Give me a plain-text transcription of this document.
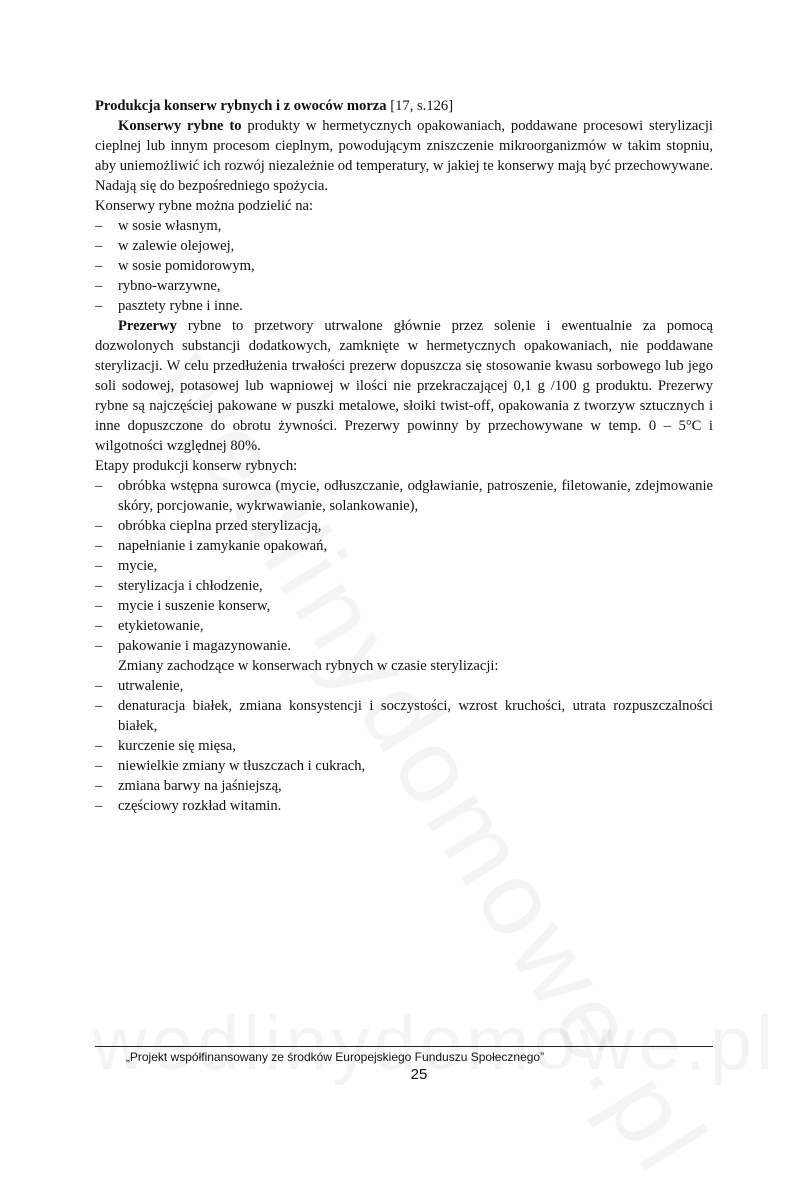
Produkcja konserw rybnych i z owoców morza [17, s.126]

Konserwy rybne to produkty w hermetycznych opakowaniach, poddawane procesowi sterylizacji cieplnej lub innym procesom cieplnym, powodującym zniszczenie mikroorganizmów w takim stopniu, aby uniemożliwić ich rozwój niezależnie od temperatury, w jakiej te konserwy mają być przechowywane. Nadają się do bezpośredniego spożycia.

Konserwy rybne można podzielić na:

– w sosie własnym,
– w zalewie olejowej,
– w sosie pomidorowym,
– rybno-warzywne,
– pasztety rybne i inne.

Prezerwy rybne to przetwory utrwalone głównie przez solenie i ewentualnie za pomocą dozwolonych substancji dodatkowych, zamknięte w hermetycznych opakowaniach, nie poddawane sterylizacji. W celu przedłużenia trwałości prezerw dopuszcza się stosowanie kwasu sorbowego lub jego soli sodowej, potasowej lub wapniowej w ilości nie przekraczającej 0,1 g /100 g produktu. Prezerwy rybne są najczęściej pakowane w puszki metalowe, słoiki twist-off, opakowania z tworzyw sztucznych i inne dopuszczone do obrotu żywności. Prezerwy powinny by przechowywane w temp. 0 – 5°C i wilgotności względnej 80%.

Etapy produkcji konserw rybnych:

– obróbka wstępna surowca (mycie, odłuszczanie, odgławianie, patroszenie, filetowanie, zdejmowanie skóry, porcjowanie, wykrwawianie, solankowanie),
– obróbka cieplna przed sterylizacją,
– napełnianie i zamykanie opakowań,
– mycie,
– sterylizacja i chłodzenie,
– mycie i suszenie konserw,
– etykietowanie,
– pakowanie i magazynowanie.

Zmiany zachodzące w konserwach rybnych w czasie sterylizacji:

– utrwalenie,
– denaturacja białek, zmiana konsystencji i soczystości, wzrost kruchości, utrata rozpuszczalności białek,
– kurczenie się mięsa,
– niewielkie zmiany w tłuszczach i cukrach,
– zmiana barwy na jaśniejszą,
– częściowy rozkład witamin.
„Projekt współfinansowany ze środków Europejskiego Funduszu Społecznego”
25
